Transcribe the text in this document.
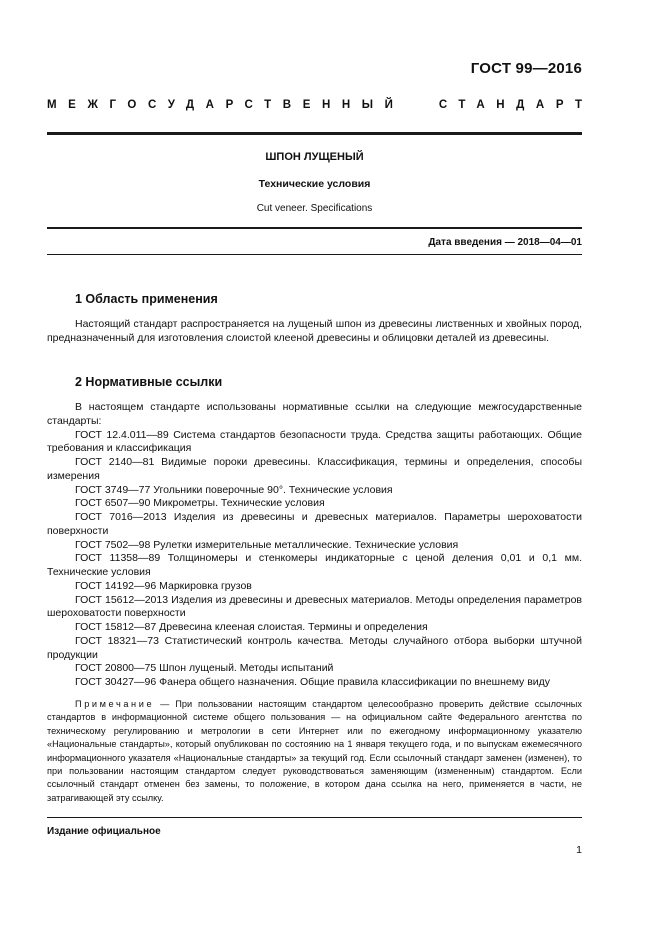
ГОСТ 99—2016
МЕЖГОСУДАРСТВЕННЫЙ	СТАНДАРТ
ШПОН ЛУЩЕНЫЙ
Технические условия
Cut veneer. Specifications
Дата введения — 2018—04—01
1 Область применения

Настоящий стандарт распространяется на лущеный шпон из древесины лиственных и хвойных пород, предназначенный для изготовления слоистой клееной древесины и облицовки деталей из древесины.

2 Нормативные ссылки

В настоящем стандарте использованы нормативные ссылки на следующие межгосударственные стандарты:

ГОСТ 12.4.011—89 Система стандартов безопасности труда. Средства защиты работающих. Общие требования и классификация

ГОСТ 2140—81 Видимые пороки древесины. Классификация, термины и определения, способы измерения

ГОСТ 3749—77 Угольники поверочные 90°. Технические условия

ГОСТ 6507—90 Микрометры. Технические условия

ГОСТ 7016—2013 Изделия из древесины и древесных материалов. Параметры шероховатости поверхности

ГОСТ 7502—98 Рулетки измерительные металлические. Технические условия

ГОСТ 11358—89 Толщиномеры и стенкомеры индикаторные с ценой деления 0,01 и 0,1 мм. Технические условия

ГОСТ 14192—96 Маркировка грузов

ГОСТ 15612—2013 Изделия из древесины и древесных материалов. Методы определения параметров шероховатости поверхности

ГОСТ 15812—87 Древесина клееная слоистая. Термины и определения

ГОСТ 18321—73 Статистический контроль качества. Методы случайного отбора выборки штучной продукции

ГОСТ 20800—75 Шпон лущеный. Методы испытаний

ГОСТ 30427—96 Фанера общего назначения. Общие правила классификации по внешнему виду

Примечание — При пользовании настоящим стандартом целесообразно проверить действие ссылочных стандартов в информационной системе общего пользования — на официальном сайте Федерального агентства по техническому регулированию и метрологии в сети Интернет или по ежегодному информационному указателю «Национальные стандарты», который опубликован по состоянию на 1 января текущего года, и по выпускам ежемесячного информационного указателя «Национальные стандарты» за текущий год. Если ссылочный стандарт заменен (изменен), то при пользовании настоящим стандартом следует руководствоваться заменяющим (измененным) стандартом. Если ссылочный стандарт отменен без замены, то положение, в котором дана ссылка на него, применяется в части, не затрагивающей эту ссылку.

Издание официальное
1
